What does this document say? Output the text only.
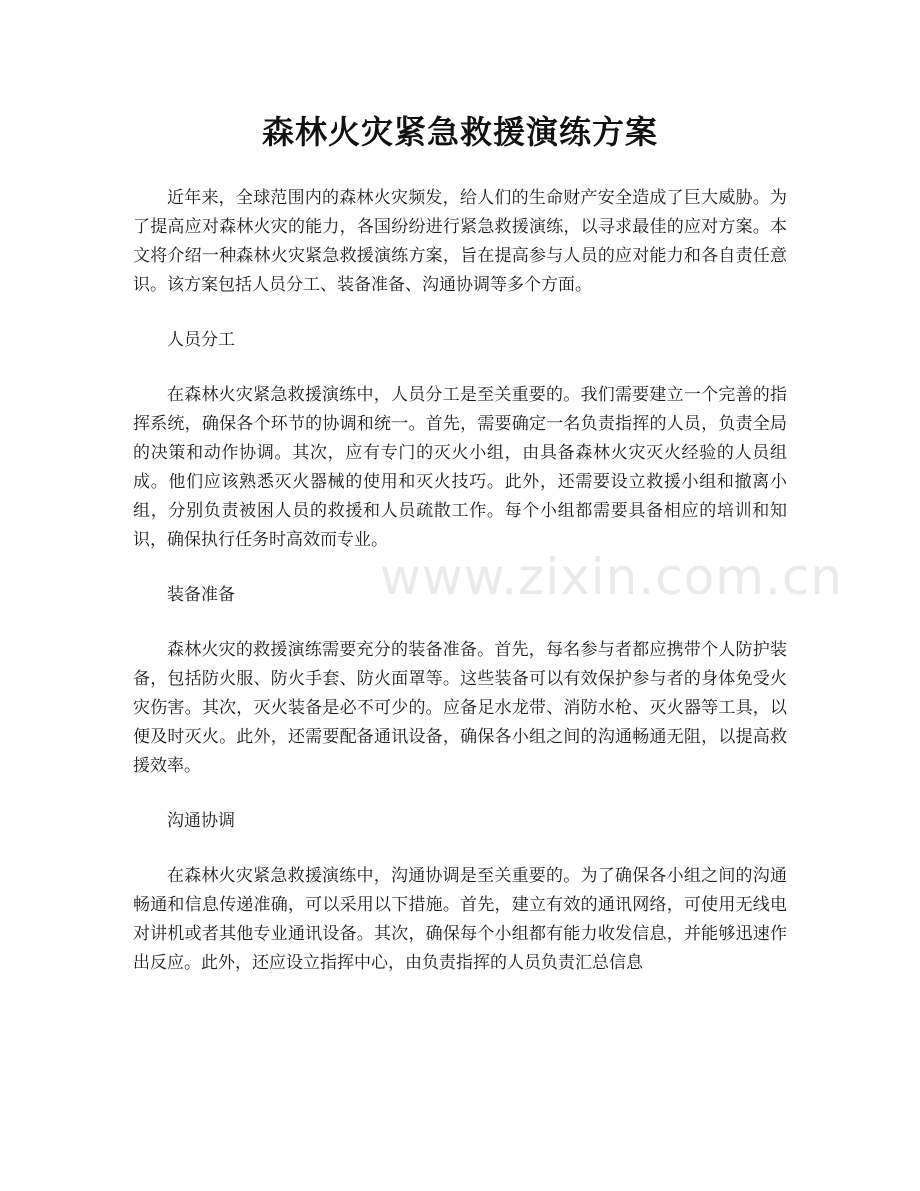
森林火灾紧急救援演练方案

近年来，全球范围内的森林火灾频发，给人们的生命财产安全造成了巨大威胁。为了提高应对森林火灾的能力，各国纷纷进行紧急救援演练，以寻求最佳的应对方案。本文将介绍一种森林火灾紧急救援演练方案，旨在提高参与人员的应对能力和各自责任意识。该方案包括人员分工、装备准备、沟通协调等多个方面。

人员分工

在森林火灾紧急救援演练中，人员分工是至关重要的。我们需要建立一个完善的指挥系统，确保各个环节的协调和统一。首先，需要确定一名负责指挥的人员，负责全局的决策和动作协调。其次，应有专门的灭火小组，由具备森林火灾灭火经验的人员组成。他们应该熟悉灭火器械的使用和灭火技巧。此外，还需要设立救援小组和撤离小组，分别负责被困人员的救援和人员疏散工作。每个小组都需要具备相应的培训和知识，确保执行任务时高效而专业。

装备准备

森林火灾的救援演练需要充分的装备准备。首先，每名参与者都应携带个人防护装备，包括防火服、防火手套、防火面罩等。这些装备可以有效保护参与者的身体免受火灾伤害。其次，灭火装备是必不可少的。应备足水龙带、消防水枪、灭火器等工具，以便及时灭火。此外，还需要配备通讯设备，确保各小组之间的沟通畅通无阻，以提高救援效率。

沟通协调

在森林火灾紧急救援演练中，沟通协调是至关重要的。为了确保各小组之间的沟通畅通和信息传递准确，可以采用以下措施。首先，建立有效的通讯网络，可使用无线电对讲机或者其他专业通讯设备。其次，确保每个小组都有能力收发信息，并能够迅速作出反应。此外，还应设立指挥中心，由负责指挥的人员负责汇总信息

www.zixin.com.cn
